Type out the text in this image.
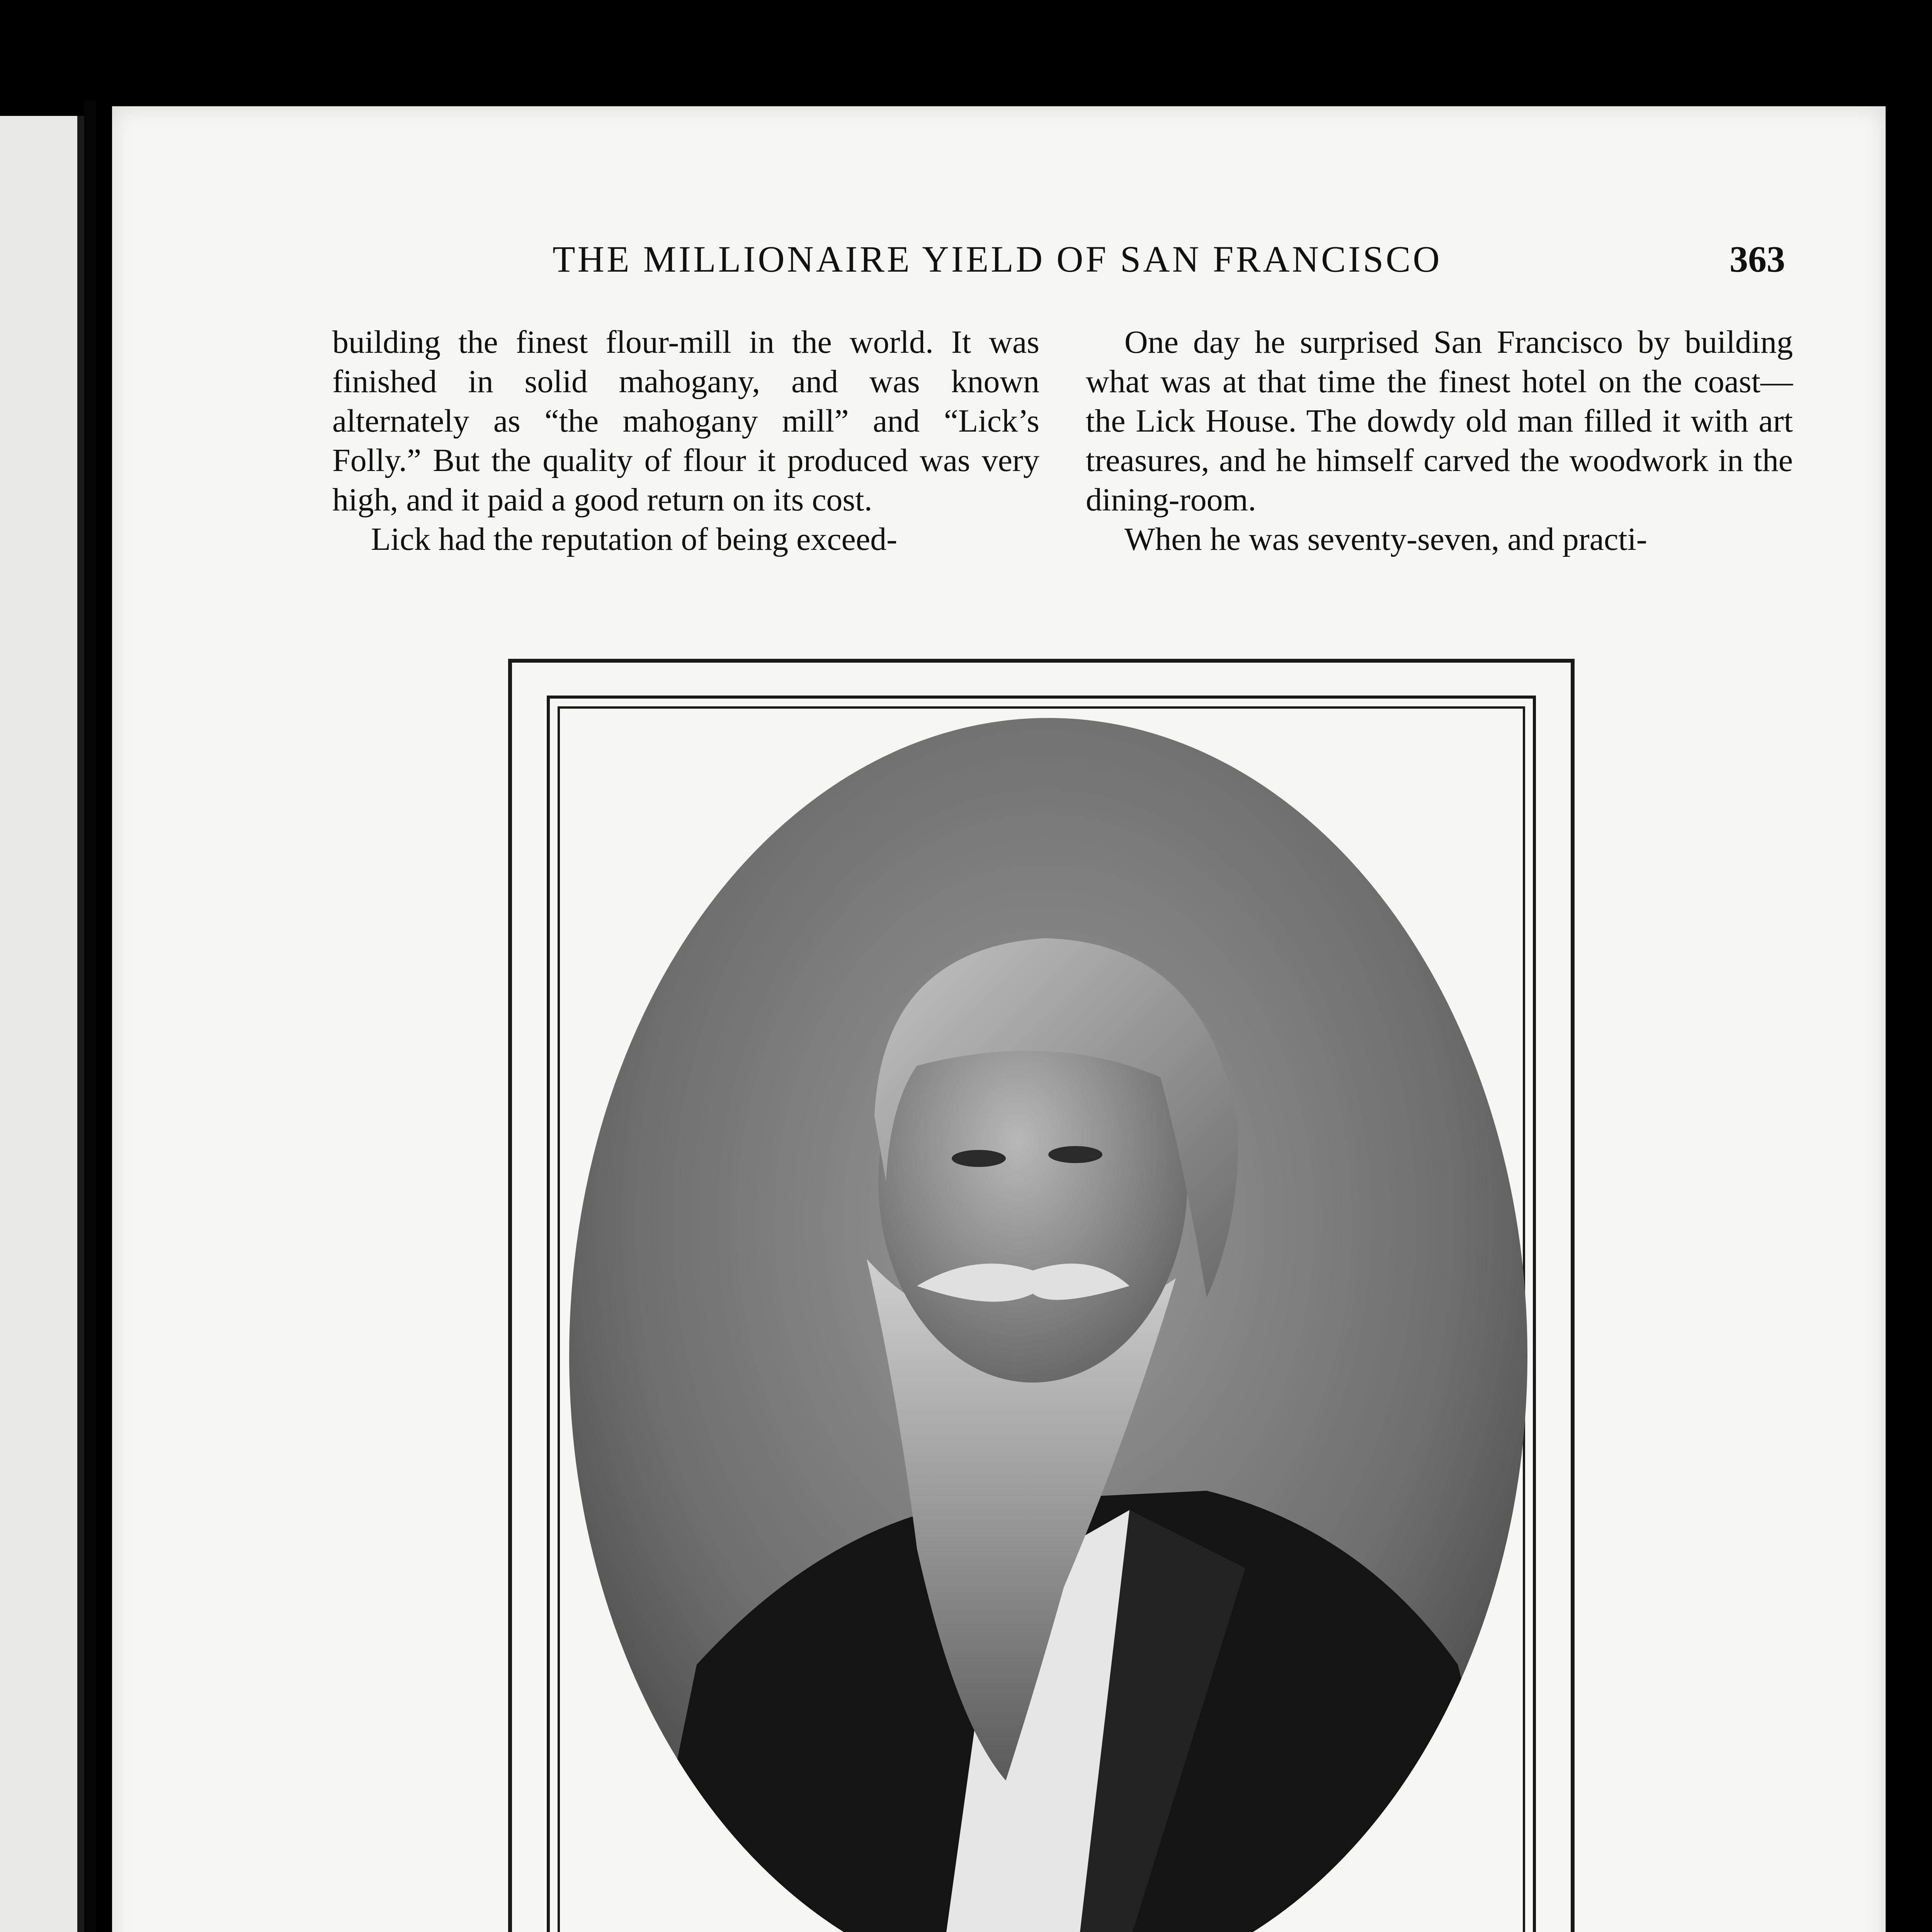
THE MILLIONAIRE YIELD OF SAN FRANCISCO	363

building the finest flour-mill in the world. It was finished in solid mahogany, and was known alternately as “the mahogany mill” and “Lick’s Folly.” But the quality of flour it produced was very high, and it paid a good return on its cost.

Lick had the reputation of being exceed-

One day he surprised San Francisco by building what was at that time the finest hotel on the coast—the Lick House. The dowdy old man filled it with art treasures, and he himself carved the woodwork in the dining-room.

When he was seventy-seven, and practi-
